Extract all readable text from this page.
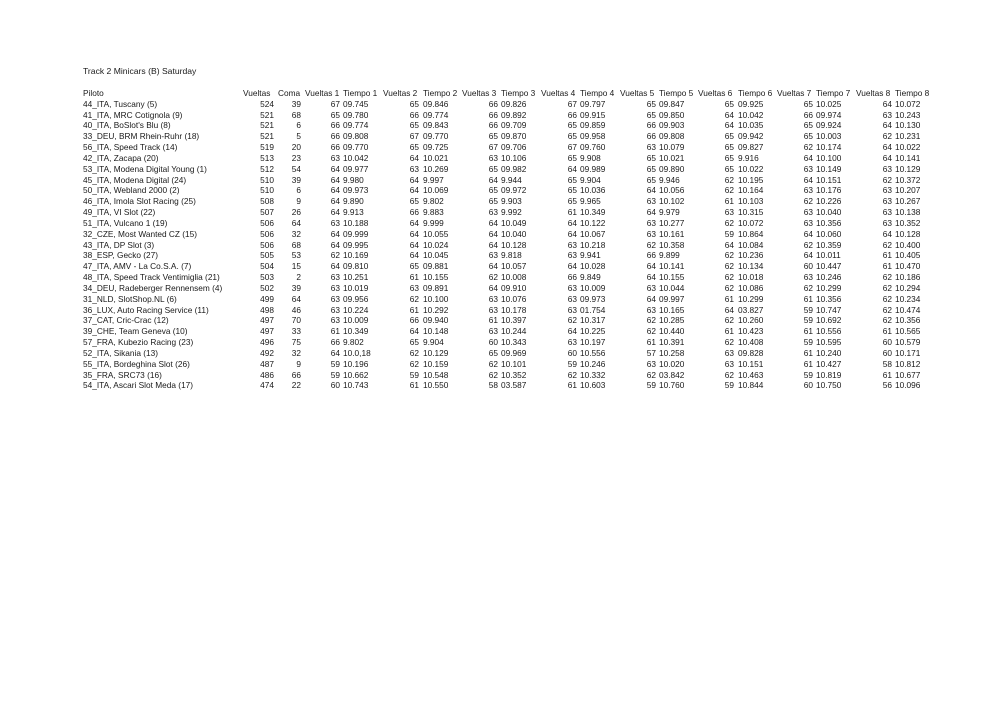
Track 2 Minicars (B) Saturday
Piloto	Vueltas Coma Vueltas 1 Tiempo 1 Vueltas 2 Tiempo 2 Vueltas 3 Tiempo 3 Vueltas 4 Tiempo 4 Vueltas 5 Tiempo 5 Vueltas 6 Tiempo 6 Vueltas 7 Tiempo 7 Vueltas 8 Tiempo 8
44_ITA, Tuscany (5)	524 39	67 09.745	65 09.846	66 09.826	67 09.797	65 09.847	65 09.925	65 10.025	64 10.072
41_ITA, MRC Cotignola (9)	521 68	65 09.780	66 09.774	66 09.892	66 09.915	65 09.850	64 10.042	66 09.974	63 10.243
40_ITA, BoSlot's Blu (8)	521	6	66 09.774	65 09.843	66 09.709	65 09.859	66 09.903	64 10.035	65 09.924	64 10.130
33_DEU, BRM Rhein-Ruhr (18)	521	5	66 09.808	67 09.770	65 09.870	65 09.958	66 09.808	65 09.942	65 10.003	62 10.231
56_ITA, Speed Track (14)	519 20	66 09.770	65 09.725	67 09.706	67 09.760	63 10.079	65 09.827	62 10.174	64 10.022
42_ITA, Zacapa (20)	513 23	63 10.042	64 10.021	63 10.106	65 9.908	65 10.021	65 9.916	64 10.100	64 10.141
53_ITA, Modena Digital Young (1)	512 54	64 09.977	63 10.269	65 09.982	64 09.989	65 09.890	65 10.022	63 10.149	63 10.129
45_ITA, Modena Digital (24)	510 39	64 9.980	64 9.997	64 9.944	65 9.904	65 9.946	62 10.195	64 10.151	62 10.372
50_ITA, Webland 2000 (2)	510	6	64 09.973	64 10.069	65 09.972	65 10.036	64 10.056	62 10.164	63 10.176	63 10.207
46_ITA, Imola Slot Racing (25)	508	9	64 9.890	65 9.802	65 9.903	65 9.965	63 10.102	61 10.103	62 10.226	63 10.267
49_ITA, VI Slot (22)	507 26	64 9.913	66 9.883	63 9.992	61 10.349	64 9.979	63 10.315	63 10.040	63 10.138
51_ITA, Vulcano 1 (19)	506 64	63 10.188	64 9.999	64 10.049	64 10.122	63 10.277	62 10.072	63 10.356	63 10.352
32_CZE, Most Wanted CZ (15)	506 32	64 09.999	64 10.055	64 10.040	64 10.067	63 10.161	59 10.864	64 10.060	64 10.128
43_ITA, DP Slot (3)	506 68	64 09.995	64 10.024	64 10.128	63 10.218	62 10.358	64 10.084	62 10.359	62 10.400
38_ESP, Gecko (27)	505 53	62 10.169	64 10.045	63 9.818	63 9.941	66 9.899	62 10.236	64 10.011	61 10.405
47_ITA, AMV - La Co.S.A. (7)	504 15	64 09.810	65 09.881	64 10.057	64 10.028	64 10.141	62 10.134	60 10.447	61 10.470
48_ITA, Speed Track Ventimiglia (21)	503	2	63 10.251	61 10.155	62 10.008	66 9.849	64 10.155	62 10.018	63 10.246	62 10.186
34_DEU, Radeberger Rennensem (4)	502 39	63 10.019	63 09.891	64 09.910	63 10.009	63 10.044	62 10.086	62 10.299	62 10.294
31_NLD, SlotShop.NL (6)	499 64	63 09.956	62 10.100	63 10.076	63 09.973	64 09.997	61 10.299	61 10.356	62 10.234
36_LUX, Auto Racing Service (11)	498 46	63 10.224	61 10.292	63 10.178	63 01.754	63 10.165	64 03.827	59 10.747	62 10.474
37_CAT, Cric-Crac (12)	497 70	63 10.009	66 09.940	61 10.397	62 10.317	62 10.285	62 10.260	59 10.692	62 10.356
39_CHE, Team Geneva (10)	497 33	61 10.349	64 10.148	63 10.244	64 10.225	62 10.440	61 10.423	61 10.556	61 10.565
57_FRA, Kubezio Racing (23)	496 75	66 9.802	65 9.904	60 10.343	63 10.197	61 10.391	62 10.408	59 10.595	60 10.579
52_ITA, Sikania (13)	492 32	64 10.0,18	62 10.129	65 09.969	60 10.556	57 10.258	63 09.828	61 10.240	60 10.171
55_ITA, Bordeghina Slot (26)	487	9	59 10.196	62 10.159	62 10.101	59 10.246	63 10.020	63 10.151	61 10.427	58 10.812
35_FRA, SRC73 (16)	486 66	59 10.662	59 10.548	62 10.352	62 10.332	62 03.842	62 10.463	59 10.819	61 10.677
54_ITA, Ascari Slot Meda (17)	474 22	60 10.743	61 10.550	58 03.587	61 10.603	59 10.760	59 10.844	60 10.750	56 10.096
